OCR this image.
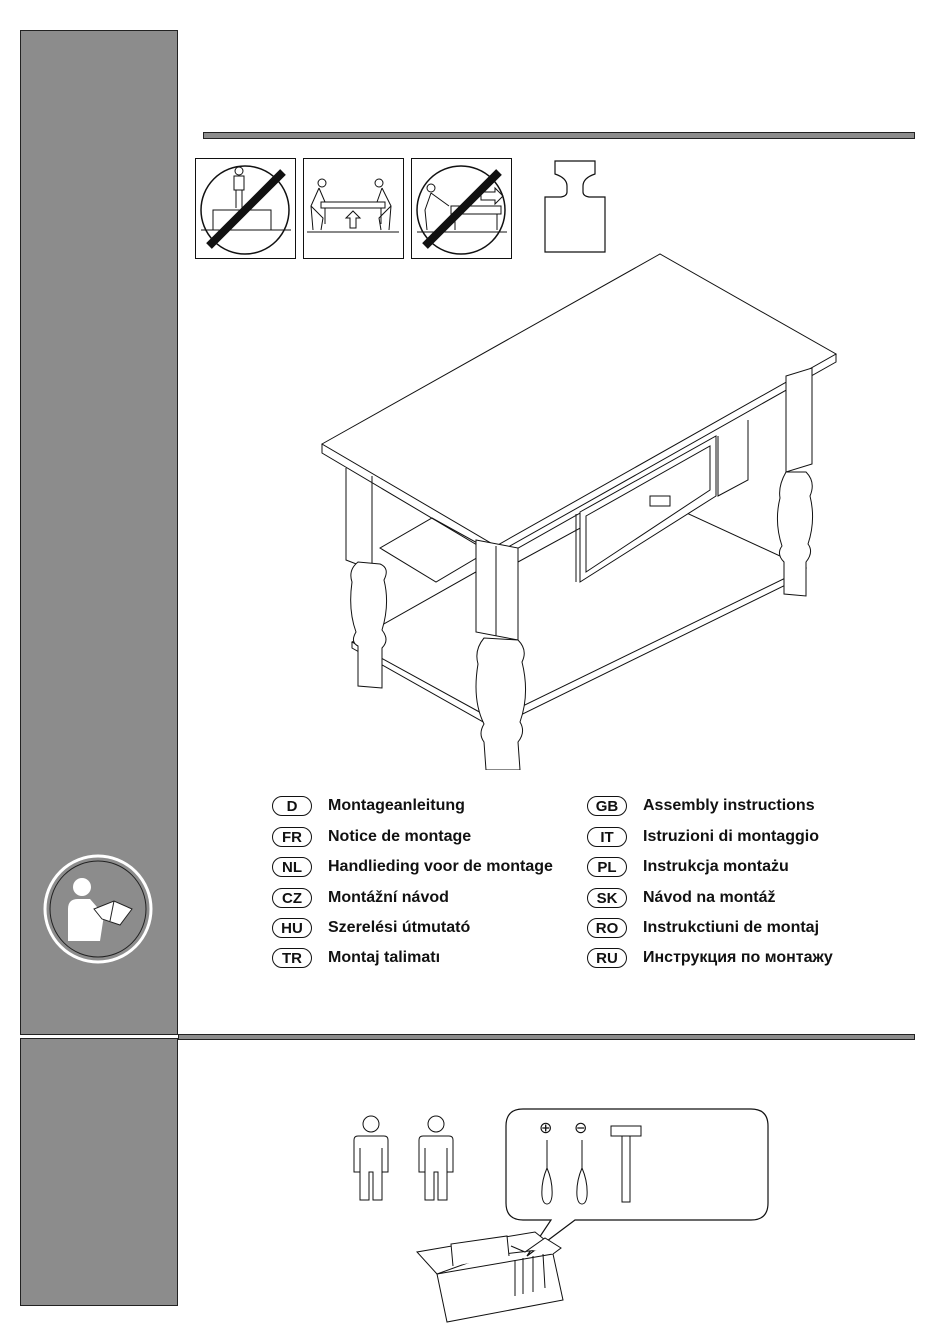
D	Montageanleitung
FR	Notice de montage
NL	Handlieding voor de montage
CZ	Montážní návod
HU	Szerelési útmutató
TR	Montaj talimatı
GB	Assembly instructions
IT	Istruzioni di montaggio
PL	Instrukcja montażu
SK	Návod na montáž
RO	Instrukctiuni de montaj
RU	Инструкция по монтажу
⊕ ⊖
